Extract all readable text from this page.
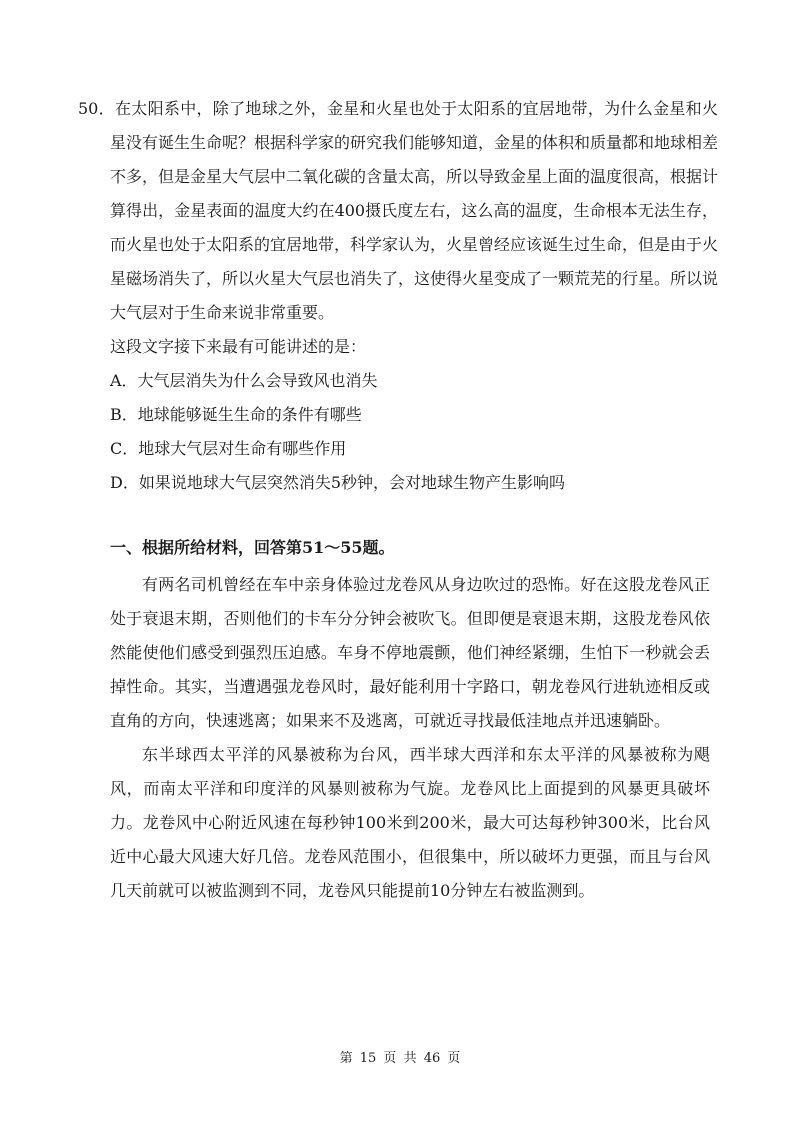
50．在太阳系中，除了地球之外，金星和火星也处于太阳系的宜居地带，为什么金星和火星没有诞生生命呢？根据科学家的研究我们能够知道，金星的体积和质量都和地球相差不多，但是金星大气层中二氧化碳的含量太高，所以导致金星上面的温度很高，根据计算得出，金星表面的温度大约在400摄氏度左右，这么高的温度，生命根本无法生存，而火星也处于太阳系的宜居地带，科学家认为，火星曾经应该诞生过生命，但是由于火星磁场消失了，所以火星大气层也消失了，这使得火星变成了一颗荒芜的行星。所以说大气层对于生命来说非常重要。

这段文字接下来最有可能讲述的是：

A．大气层消失为什么会导致风也消失
B．地球能够诞生生命的条件有哪些
C．地球大气层对生命有哪些作用
D．如果说地球大气层突然消失5秒钟，会对地球生物产生影响吗

一、根据所给材料，回答第51～55题。

有两名司机曾经在车中亲身体验过龙卷风从身边吹过的恐怖。好在这股龙卷风正处于衰退末期，否则他们的卡车分分钟会被吹飞。但即便是衰退末期，这股龙卷风依然能使他们感受到强烈压迫感。车身不停地震颤，他们神经紧绷，生怕下一秒就会丢掉性命。其实，当遭遇强龙卷风时，最好能利用十字路口，朝龙卷风行进轨迹相反或直角的方向，快速逃离；如果来不及逃离，可就近寻找最低洼地点并迅速躺卧。

东半球西太平洋的风暴被称为台风，西半球大西洋和东太平洋的风暴被称为飓风，而南太平洋和印度洋的风暴则被称为气旋。龙卷风比上面提到的风暴更具破坏力。龙卷风中心附近风速在每秒钟100米到200米，最大可达每秒钟300米，比台风近中心最大风速大好几倍。龙卷风范围小，但很集中，所以破坏力更强，而且与台风几天前就可以被监测到不同，龙卷风只能提前10分钟左右被监测到。

第 15 页 共 46 页
